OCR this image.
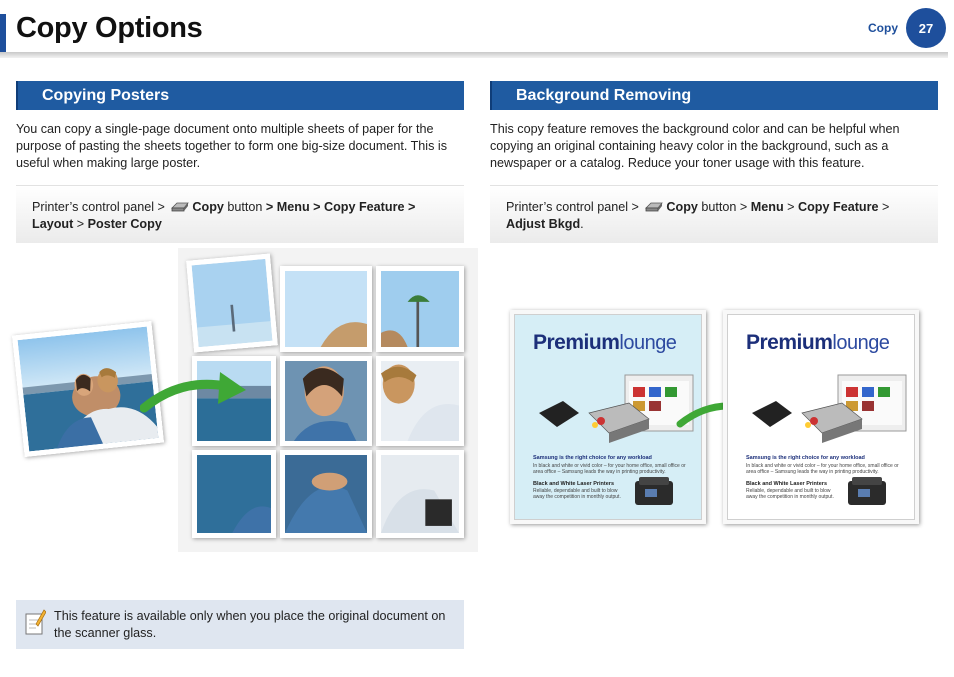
Copy Options	Copy	27
Copying Posters
You can copy a single-page document onto multiple sheets of paper for the purpose of pasting the sheets together to form one big-size document. This is useful when making large poster.
Printer’s control panel > Copy button > Menu > Copy Feature >
Layout > Poster Copy
This feature is available only when you place the original document on the scanner glass.
Background Removing
This copy feature removes the background color and can be helpful when copying an original containing heavy color in the background, such as a newspaper or a catalog. Reduce your toner usage with this feature.
Printer’s control panel > Copy button > Menu > Copy Feature >
Adjust Bkgd.
Premiumlounge
Samsung is the right choice for any workload
In black and white or vivid color – for your home office, small office or area office – Samsung leads the way in printing productivity.
Black and White Laser Printers
Reliable, dependable and built to blow away the competition in monthly output.
Premiumlounge
Samsung is the right choice for any workload
In black and white or vivid color – for your home office, small office or area office – Samsung leads the way in printing productivity.
Black and White Laser Printers
Reliable, dependable and built to blow away the competition in monthly output.
